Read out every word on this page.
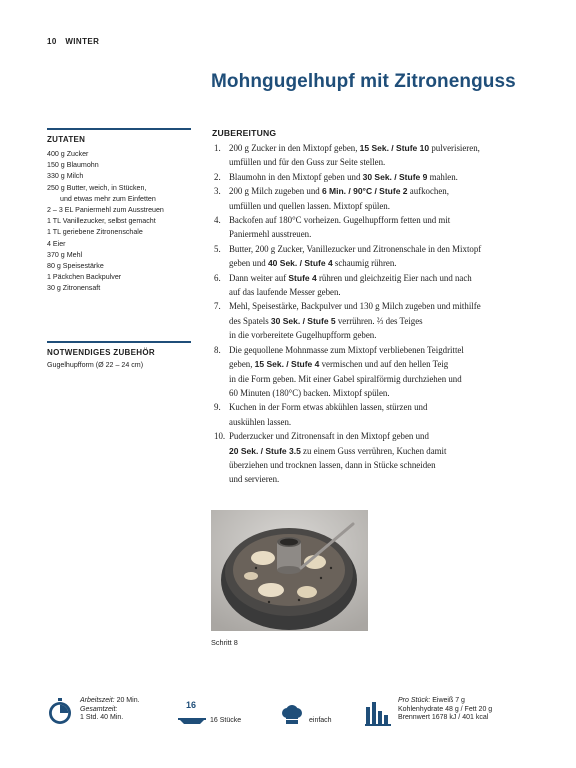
10 WINTER
Mohngugelhupf mit Zitronenguss
ZUTATEN
400 g Zucker
150 g Blaumohn
330 g Milch
250 g Butter, weich, in Stücken,
und etwas mehr zum Einfetten
2 – 3 EL Paniermehl zum Ausstreuen
1 TL Vanillezucker, selbst gemacht
1 TL geriebene Zitronenschale
4 Eier
370 g Mehl
80 g Speisestärke
1 Päckchen Backpulver
30 g Zitronensaft
NOTWENDIGES ZUBEHÖR
Gugelhupfform (Ø 22 – 24 cm)
ZUBEREITUNG
1. 200 g Zucker in den Mixtopf geben, 15 Sek. / Stufe 10 pulverisieren,
umfüllen und für den Guss zur Seite stellen.
2. Blaumohn in den Mixtopf geben und 30 Sek. / Stufe 9 mahlen.
3. 200 g Milch zugeben und 6 Min. / 90°C / Stufe 2 aufkochen,
umfüllen und quellen lassen. Mixtopf spülen.
4. Backofen auf 180°C vorheizen. Gugelhupfform fetten und mit
Paniermehl ausstreuen.
5. Butter, 200 g Zucker, Vanillezucker und Zitronenschale in den Mixtopf
geben und 40 Sek. / Stufe 4 schaumig rühren.
6. Dann weiter auf Stufe 4 rühren und gleichzeitig Eier nach und nach
auf das laufende Messer geben.
7. Mehl, Speisestärke, Backpulver und 130 g Milch zugeben und mithilfe
des Spatels 30 Sek. / Stufe 5 verrühren. ⅔ des Teiges
in die vorbereitete Gugelhupfform geben.
8. Die gequollene Mohnmasse zum Mixtopf verbliebenen Teigdrittel
geben, 15 Sek. / Stufe 4 vermischen und auf den hellen Teig
in die Form geben. Mit einer Gabel spiralförmig durchziehen und
60 Minuten (180°C) backen. Mixtopf spülen.
9. Kuchen in der Form etwas abkühlen lassen, stürzen und
auskühlen lassen.
10. Puderzucker und Zitronensaft in den Mixtopf geben und
20 Sek. / Stufe 3.5 zu einem Guss verrühren, Kuchen damit
überziehen und trocknen lassen, dann in Stücke schneiden
und servieren.
Schritt 8
Arbeitszeit: 20 Min.
Gesamtzeit:
1 Std. 40 Min.
16
16 Stücke	einfach
Pro Stück: Eiweiß 7 g
Kohlenhydrate 48 g / Fett 20 g
Brennwert 1678 kJ / 401 kcal
